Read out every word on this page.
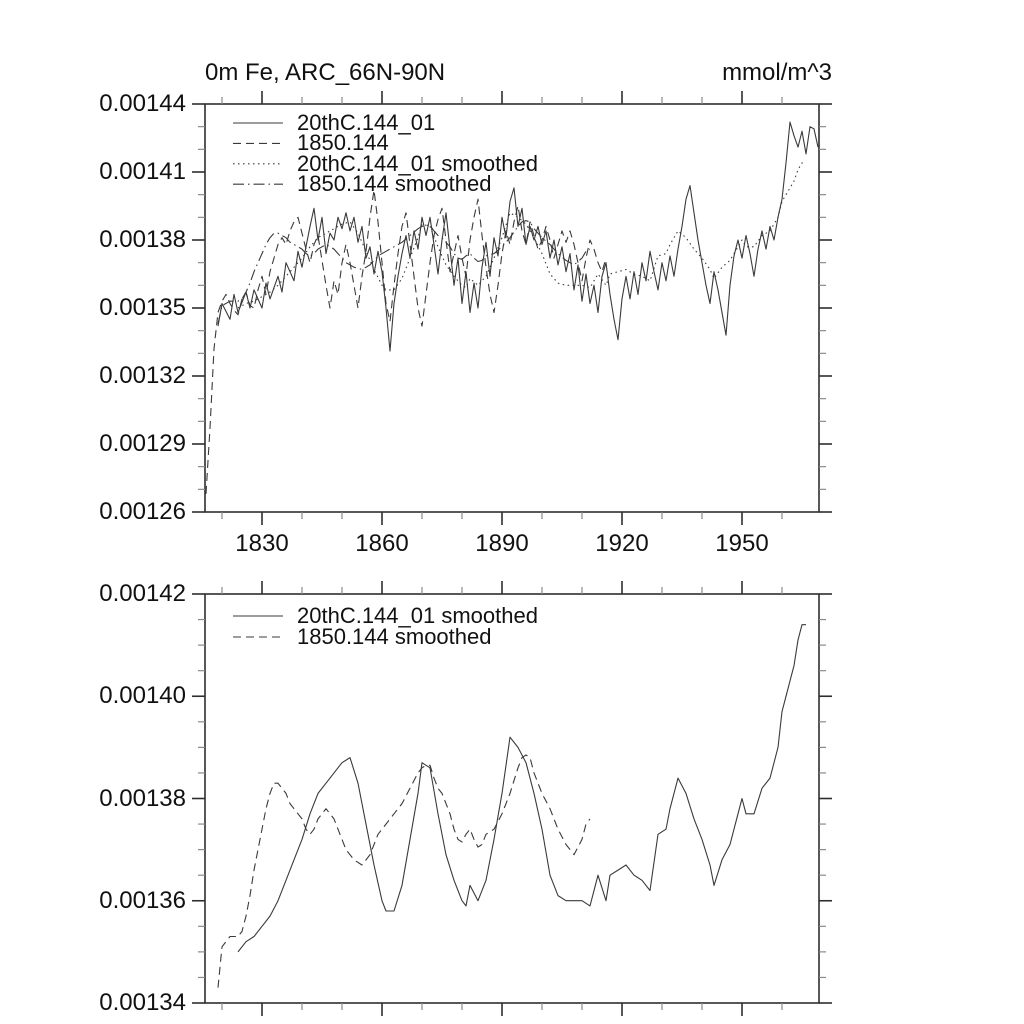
0m Fe, ARC_66N-90N	mmol/m^3
0.00144
0.00141
0.00138
0.00135
0.00132
0.00129
0.00126
1830	1860	1890	1920	1950
20thC.144_01
1850.144
20thC.144_01 smoothed
1850.144 smoothed
0.00142
0.00140
0.00138
0.00136
0.00134
20thC.144_01 smoothed
1850.144 smoothed
